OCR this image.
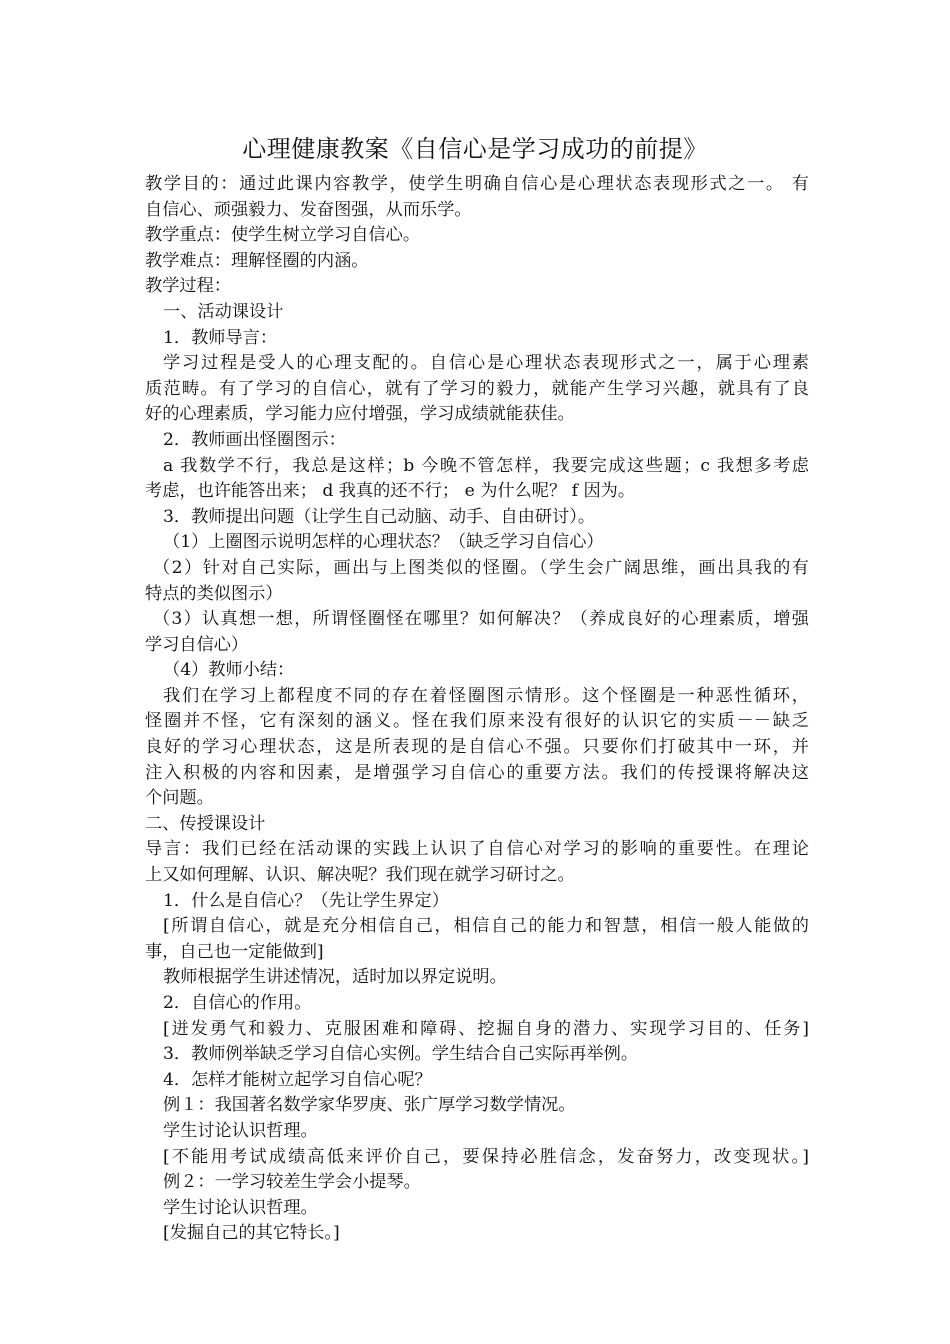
心理健康教案《自信心是学习成功的前提》
教学目的：通过此课内容教学，使学生明确自信心是心理状态表现形式之一。 有
自信心、顽强毅力、发奋图强，从而乐学。
教学重点：使学生树立学习自信心。
教学难点：理解怪圈的内涵。
教学过程：
一、活动课设计
1．教师导言：
学习过程是受人的心理支配的。自信心是心理状态表现形式之一，属于心理素
质范畴。有了学习的自信心，就有了学习的毅力，就能产生学习兴趣，就具有了良
好的心理素质，学习能力应付增强，学习成绩就能获佳。
2．教师画出怪圈图示：
a 我数学不行，我总是这样；b 今晚不管怎样，我要完成这些题；c 我想多考虑
考虑，也许能答出来； d 我真的还不行； e 为什么呢？ f 因为。
3．教师提出问题（让学生自己动脑、动手、自由研讨）。
（1）上圈图示说明怎样的心理状态？（缺乏学习自信心）
（2）针对自己实际，画出与上图类似的怪圈。（学生会广阔思维，画出具我的有
特点的类似图示）
（3）认真想一想，所谓怪圈怪在哪里？如何解决？（养成良好的心理素质，增强
学习自信心）
（4）教师小结：
我们在学习上都程度不同的存在着怪圈图示情形。这个怪圈是一种恶性循环，
怪圈并不怪，它有深刻的涵义。怪在我们原来没有很好的认识它的实质－－缺乏
良好的学习心理状态，这是所表现的是自信心不强。只要你们打破其中一环，并
注入积极的内容和因素，是增强学习自信心的重要方法。我们的传授课将解决这
个问题。
二、传授课设计
导言：我们已经在活动课的实践上认识了自信心对学习的影响的重要性。在理论
上又如何理解、认识、解决呢？我们现在就学习研讨之。
1．什么是自信心？（先让学生界定）
[所谓自信心，就是充分相信自己，相信自己的能力和智慧，相信一般人能做的
事，自己也一定能做到]
教师根据学生讲述情况，适时加以界定说明。
2．自信心的作用。
[迸发勇气和毅力、克服困难和障碍、挖掘自身的潜力、实现学习目的、任务]
3．教师例举缺乏学习自信心实例。学生结合自己实际再举例。
4．怎样才能树立起学习自信心呢？
例１：我国著名数学家华罗庚、张广厚学习数学情况。
学生讨论认识哲理。
[不能用考试成绩高低来评价自己，要保持必胜信念，发奋努力，改变现状。]
例２：一学习较差生学会小提琴。
学生讨论认识哲理。
[发掘自己的其它特长。]
